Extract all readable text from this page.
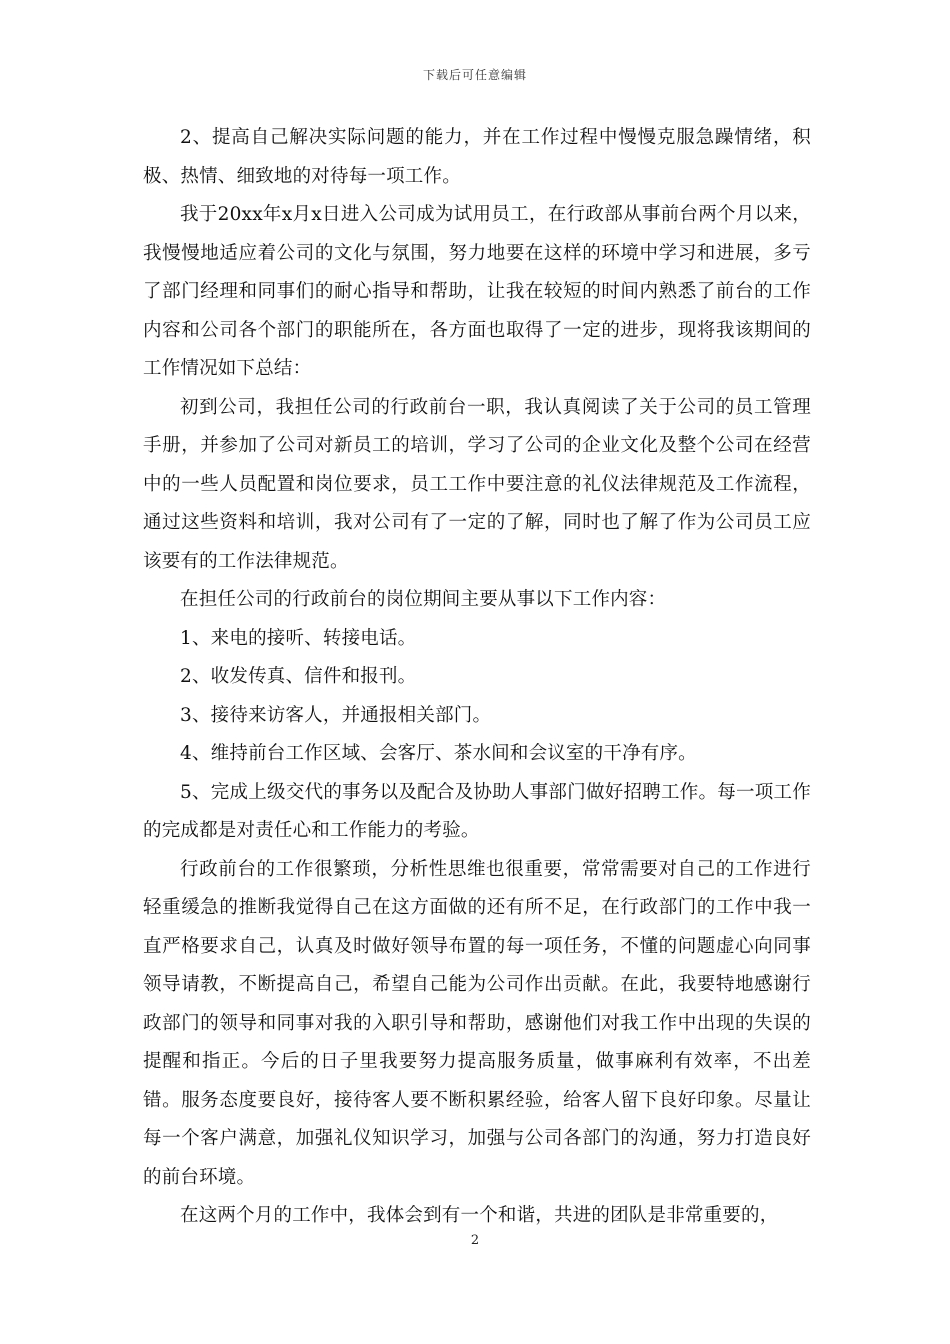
下载后可任意编辑

2、提高自己解决实际问题的能力，并在工作过程中慢慢克服急躁情绪，积极、热情、细致地的对待每一项工作。

我于20xx年x月x日进入公司成为试用员工，在行政部从事前台两个月以来，我慢慢地适应着公司的文化与氛围，努力地要在这样的环境中学习和进展，多亏了部门经理和同事们的耐心指导和帮助，让我在较短的时间内熟悉了前台的工作内容和公司各个部门的职能所在，各方面也取得了一定的进步，现将我该期间的工作情况如下总结：

初到公司，我担任公司的行政前台一职，我认真阅读了关于公司的员工管理手册，并参加了公司对新员工的培训，学习了公司的企业文化及整个公司在经营中的一些人员配置和岗位要求，员工工作中要注意的礼仪法律规范及工作流程，通过这些资料和培训，我对公司有了一定的了解，同时也了解了作为公司员工应该要有的工作法律规范。

在担任公司的行政前台的岗位期间主要从事以下工作内容：

1、来电的接听、转接电话。

2、收发传真、信件和报刊。

3、接待来访客人，并通报相关部门。

4、维持前台工作区域、会客厅、茶水间和会议室的干净有序。

5、完成上级交代的事务以及配合及协助人事部门做好招聘工作。每一项工作的完成都是对责任心和工作能力的考验。

行政前台的工作很繁琐，分析性思维也很重要，常常需要对自己的工作进行轻重缓急的推断我觉得自己在这方面做的还有所不足，在行政部门的工作中我一直严格要求自己，认真及时做好领导布置的每一项任务，不懂的问题虚心向同事领导请教，不断提高自己，希望自己能为公司作出贡献。在此，我要特地感谢行政部门的领导和同事对我的入职引导和帮助，感谢他们对我工作中出现的失误的提醒和指正。今后的日子里我要努力提高服务质量，做事麻利有效率，不出差错。服务态度要良好，接待客人要不断积累经验，给客人留下良好印象。尽量让每一个客户满意，加强礼仪知识学习，加强与公司各部门的沟通，努力打造良好的前台环境。

在这两个月的工作中，我体会到有一个和谐，共进的团队是非常重要的，

2
